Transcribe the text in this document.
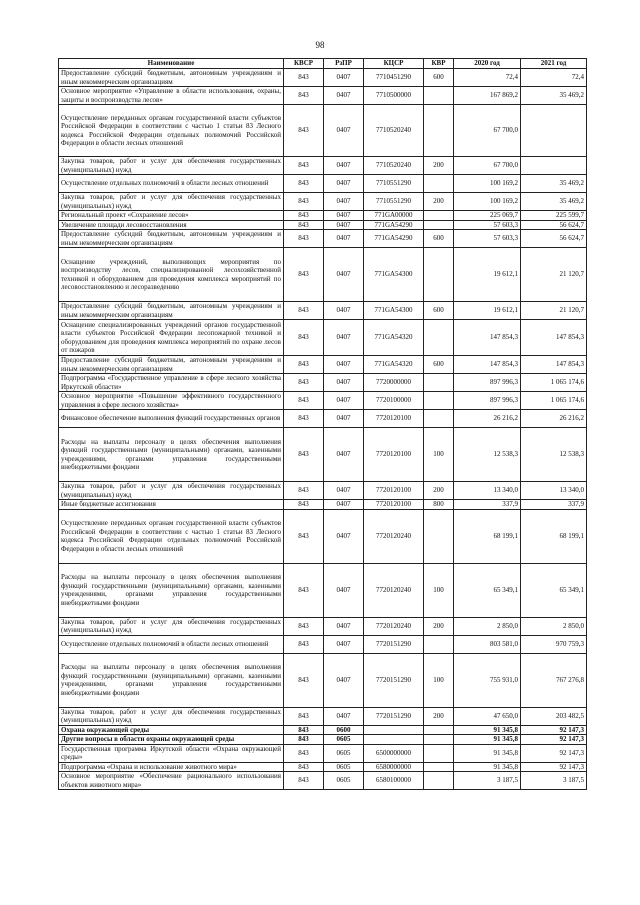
98
Наименование	КВСР	РзПР	КЦСР	КВР	2020 год	2021 год
Предоставление субсидий бюджетным, автономным учреждениям и иным некоммерческим организациям	843	0407	7710451290	600	72,4	72,4
Основное мероприятие «Управление в области использования, охраны, защиты и воспроизводства лесов»	843	0407	7710500000		167 869,2	35 469,2
Осуществление переданных органам государственной власти субъектов Российской Федерации в соответствии с частью 1 статьи 83 Лесного кодекса Российской Федерации отдельных полномочий Российской Федерации в области лесных отношений	843	0407	7710520240		67 700,0	
Закупка товаров, работ и услуг для обеспечения государственных (муниципальных) нужд	843	0407	7710520240	200	67 700,0	
Осуществление отдельных полномочий в области лесных отношений	843	0407	7710551290		100 169,2	35 469,2
Закупка товаров, работ и услуг для обеспечения государственных (муниципальных) нужд	843	0407	7710551290	200	100 169,2	35 469,2
Региональный проект «Сохранение лесов»	843	0407	771GA00000		225 069,7	225 599,7
Увеличение площади лесовосстановления	843	0407	771GA54290		57 603,3	56 624,7
Предоставление субсидий бюджетным, автономным учреждениям и иным некоммерческим организациям	843	0407	771GA54290	600	57 603,3	56 624,7
Оснащение учреждений, выполняющих мероприятия по воспроизводству лесов, специализированной лесохозяйственной техникой и оборудованием для проведения комплекса мероприятий по лесовосстановлению и лесоразведению	843	0407	771GA54300		19 612,1	21 120,7
Предоставление субсидий бюджетным, автономным учреждениям и иным некоммерческим организациям	843	0407	771GA54300	600	19 612,1	21 120,7
Оснащение специализированных учреждений органов государственной власти субъектов Российской Федерации лесопожарной техникой и оборудованием для проведения комплекса мероприятий по охране лесов от пожаров	843	0407	771GA54320		147 854,3	147 854,3
Предоставление субсидий бюджетным, автономным учреждениям и иным некоммерческим организациям	843	0407	771GA54320	600	147 854,3	147 854,3
Подпрограмма «Государственное управление в сфере лесного хозяйства Иркутской области»	843	0407	7720000000		897 996,3	1 065 174,6
Основное мероприятие «Повышение эффективного государственного управления в сфере лесного хозяйства»	843	0407	7720100000		897 996,3	1 065 174,6
Финансовое обеспечение выполнения функций государственных органов	843	0407	7720120100		26 216,2	26 216,2
Расходы на выплаты персоналу в целях обеспечения выполнения функций государственными (муниципальными) органами, казенными учреждениями, органами управления государственными внебюджетными фондами	843	0407	7720120100	100	12 538,3	12 538,3
Закупка товаров, работ и услуг для обеспечения государственных (муниципальных) нужд	843	0407	7720120100	200	13 340,0	13 340,0
Иные бюджетные ассигнования	843	0407	7720120100	800	337,9	337,9
Осуществление переданных органам государственной власти субъектов Российской Федерации в соответствии с частью 1 статьи 83 Лесного кодекса Российской Федерации отдельных полномочий Российской Федерации в области лесных отношений	843	0407	7720120240		68 199,1	68 199,1
Расходы на выплаты персоналу в целях обеспечения выполнения функций государственными (муниципальными) органами, казенными учреждениями, органами управления государственными внебюджетными фондами	843	0407	7720120240	100	65 349,1	65 349,1
Закупка товаров, работ и услуг для обеспечения государственных (муниципальных) нужд	843	0407	7720120240	200	2 850,0	2 850,0
Осуществление отдельных полномочий в области лесных отношений	843	0407	7720151290		803 581,0	970 759,3
Расходы на выплаты персоналу в целях обеспечения выполнения функций государственными (муниципальными) органами, казенными учреждениями, органами управления государственными внебюджетными фондами	843	0407	7720151290	100	755 931,0	767 276,8
Закупка товаров, работ и услуг для обеспечения государственных (муниципальных) нужд	843	0407	7720151290	200	47 650,0	203 482,5
Охрана окружающей среды	843	0600			91 345,8	92 147,3
Другие вопросы в области охраны окружающей среды	843	0605			91 345,8	92 147,3
Государственная программа Иркутской области «Охрана окружающей среды»	843	0605	6500000000		91 345,8	92 147,3
Подпрограмма «Охрана и использование животного мира»	843	0605	6580000000		91 345,8	92 147,3
Основное мероприятие «Обеспечение рационального использования объектов животного мира»	843	0605	6580100000		3 187,5	3 187,5
